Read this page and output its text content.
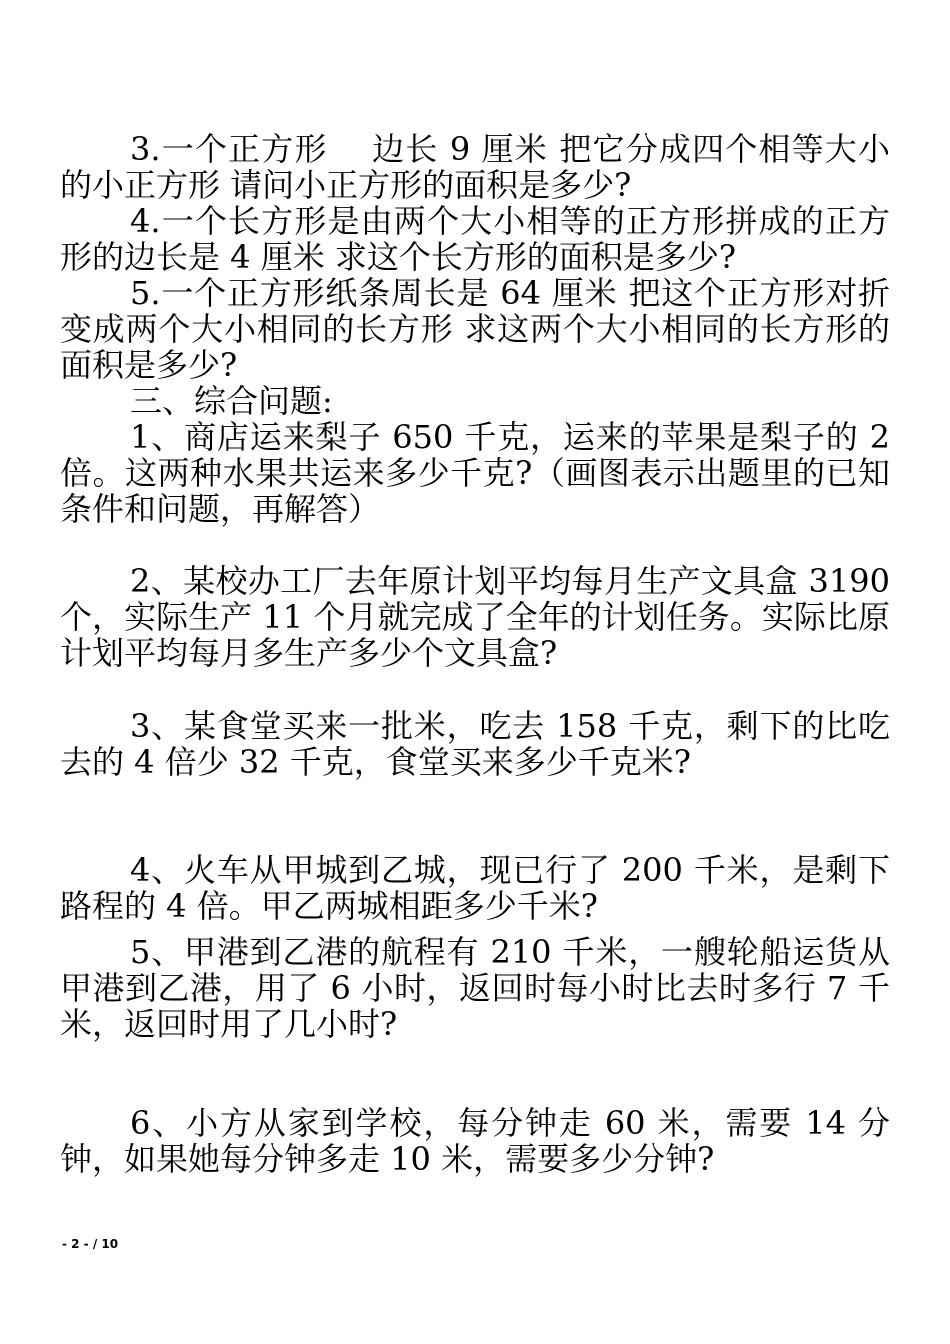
3.一个正方形　 边长 9 厘米 把它分成四个相等大小的小正方形 请问小正方形的面积是多少?

4.一个长方形是由两个大小相等的正方形拼成的正方形的边长是 4 厘米 求这个长方形的面积是多少?

5.一个正方形纸条周长是 64 厘米 把这个正方形对折变成两个大小相同的长方形 求这两个大小相同的长方形的面积是多少?

三、综合问题:

1、商店运来梨子 650 千克，运来的苹果是梨子的 2 倍。这两种水果共运来多少千克?（画图表示出题里的已知条件和问题，再解答）

2、某校办工厂去年原计划平均每月生产文具盒 3190 个，实际生产 11 个月就完成了全年的计划任务。实际比原计划平均每月多生产多少个文具盒?

3、某食堂买来一批米，吃去 158 千克，剩下的比吃去的 4 倍少 32 千克，食堂买来多少千克米?

4、火车从甲城到乙城，现已行了 200 千米，是剩下路程的 4 倍。甲乙两城相距多少千米?

5、甲港到乙港的航程有 210 千米，一艘轮船运货从甲港到乙港，用了 6 小时，返回时每小时比去时多行 7 千米，返回时用了几小时?

6、小方从家到学校，每分钟走 60 米，需要 14 分钟，如果她每分钟多走 10 米，需要多少分钟?

- 2 - / 10
